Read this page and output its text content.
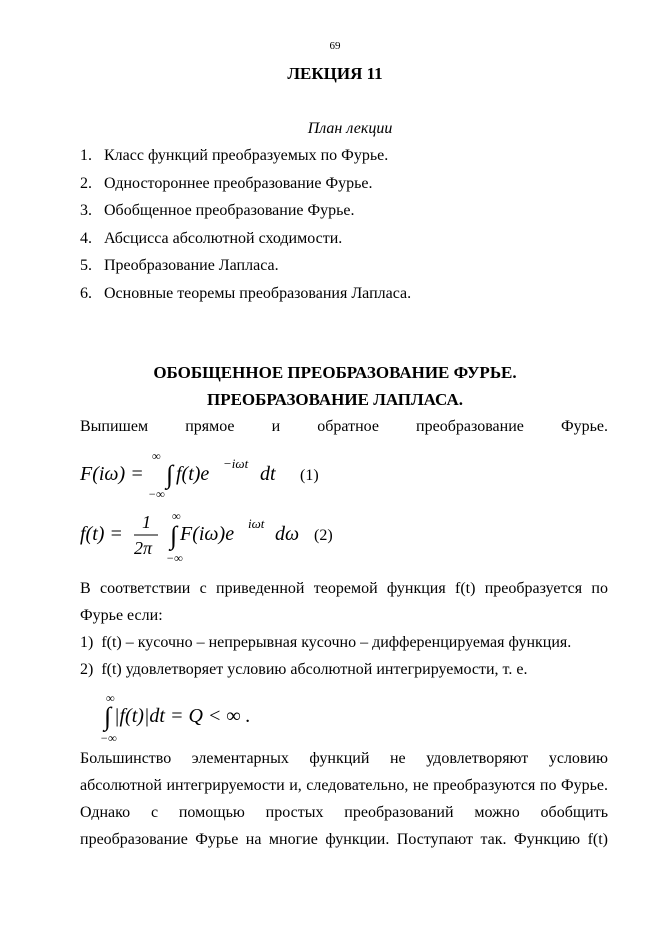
69
ЛЕКЦИЯ 11
План лекции
1. Класс функций преобразуемых по Фурье.
2. Одностороннее преобразование Фурье.
3. Обобщенное преобразование Фурье.
4. Абсцисса абсолютной сходимости.
5. Преобразование Лапласа.
6. Основные теоремы преобразования Лапласа.
ОБОБЩЕННОЕ ПРЕОБРАЗОВАНИЕ ФУРЬЕ.
ПРЕОБРАЗОВАНИЕ ЛАПЛАСА.
Выпишем прямое и обратное преобразование Фурье.
F(iω) =
∞
∫
−∞
f(t)e −iωt dt (1)
f(t) =
1
2π
∞
∫
−∞
F(iω)e iωt dω (2)
В соответствии с приведенной теоремой функция f(t) преобразуется по
Фурье если:
1)  f(t) – кусочно – непрерывная кусочно – дифференцируемая функция.
2)  f(t) удовлетворяет условию абсолютной интегрируемости, т. е.
∞
∫
−∞
|f(t)|dt = Q < ∞ .
Большинство элементарных функций не удовлетворяют условию
абсолютной интегрируемости и, следовательно, не преобразуются по Фурье.
Однако с помощью простых преобразований можно обобщить
преобразование Фурье на многие функции. Поступают так. Функцию f(t)
